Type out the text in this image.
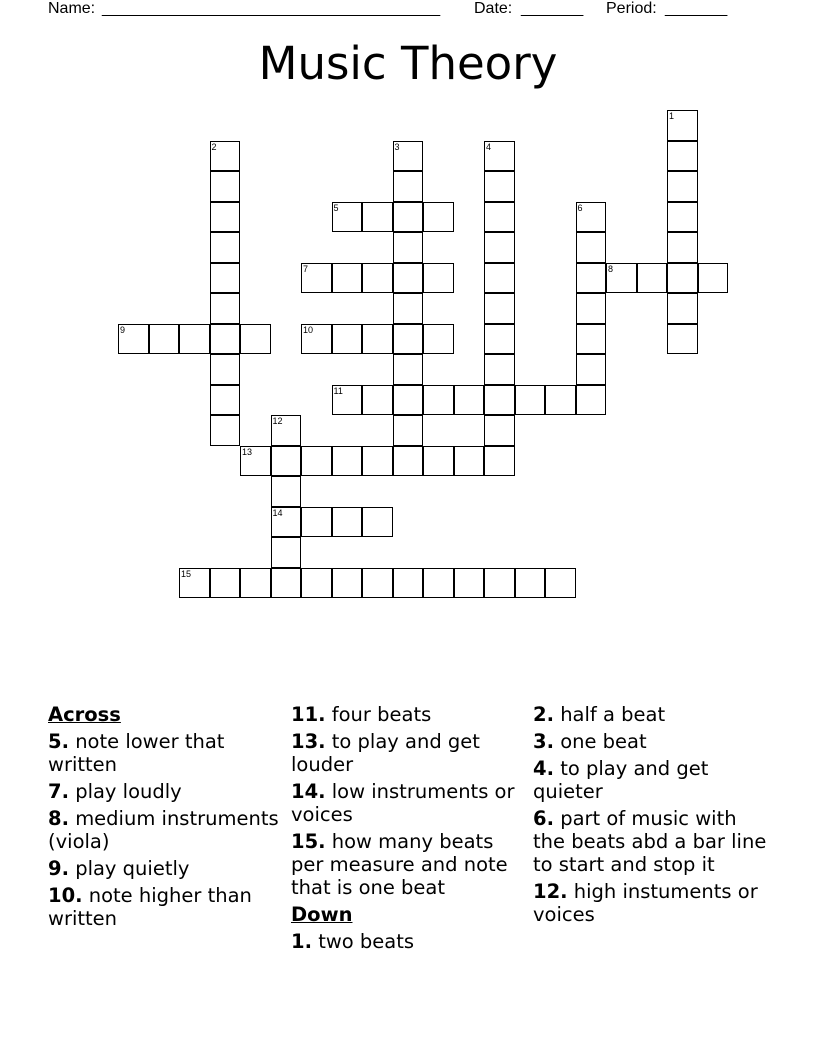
Name: ______________________________________ Date: _______ Period: _______
Music Theory
5
7	8
9	10
11
13
14
15
1
2	3	4
6
12
Across
5. note lower that written
7. play loudly
8. medium instruments (viola)
9. play quietly
10. note higher than written
11. four beats
13. to play and get louder
14. low instruments or voices
15. how many beats per measure and note that is one beat
Down
1. two beats
2. half a beat
3. one beat
4. to play and get quieter
6. part of music with the beats abd a bar line to start and stop it
12. high instuments or voices
